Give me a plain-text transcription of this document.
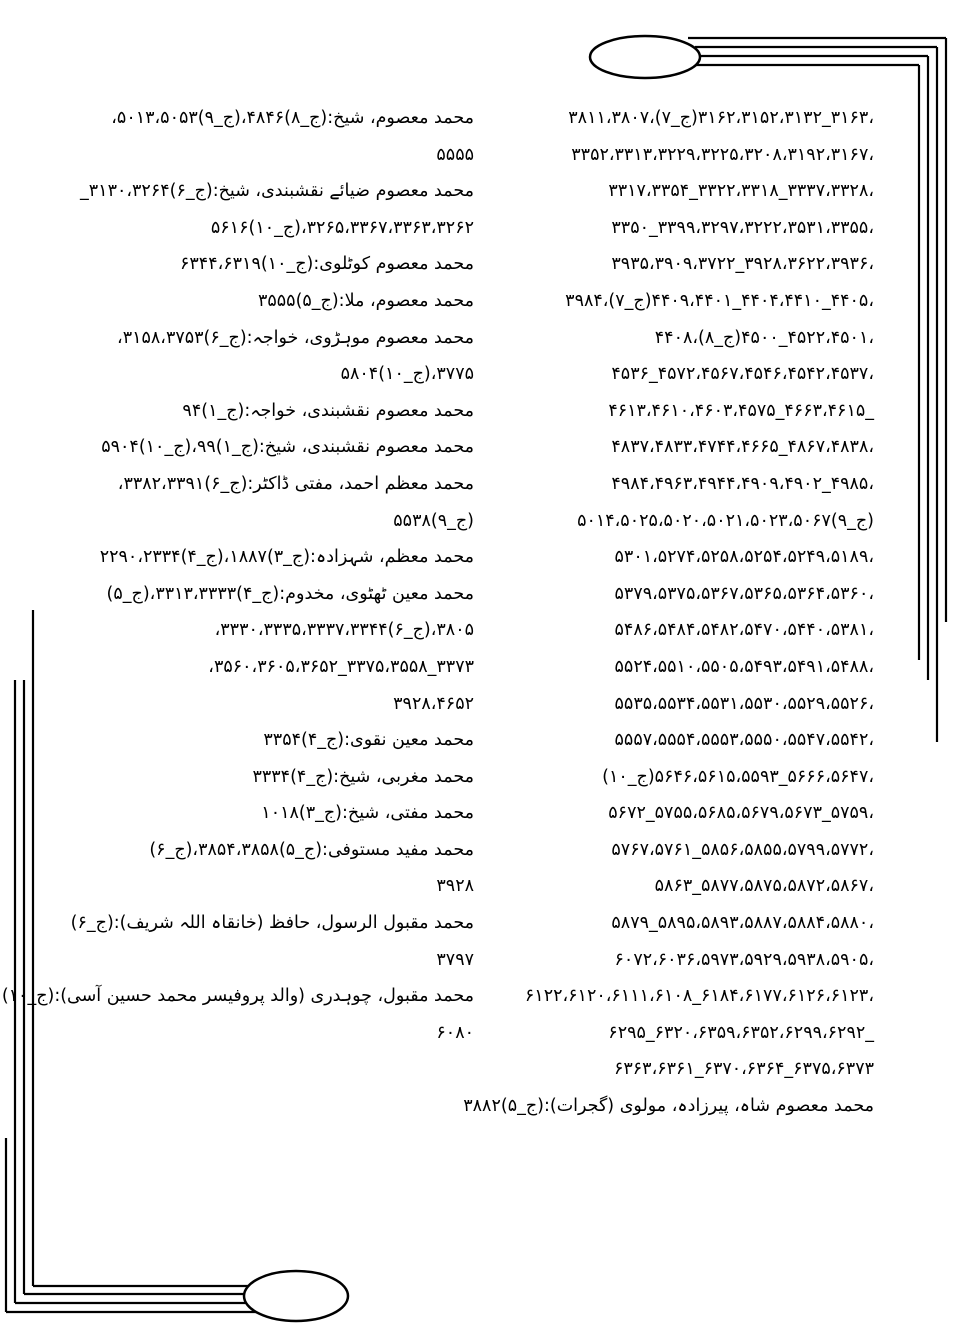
،۳۱۶۳_۳۱۶۲،۳۱۵۲،۳۱۳۲(ج_۷)،۳۸۱۱،۳۸۰۷
،۳۳۵۲،۳۳۱۳،۳۲۲۹،۳۲۲۵،۳۲۰۸،۳۱۹۲،۳۱۶۷
،۳۳۳۷،۳۳۲۸_۳۳۲۲،۳۳۱۸_۳۳۱۷،۳۳۵۴
،۳۳۹۹،۳۲۹۷،۳۲۲۲،۳۵۳۱،۳۳۵۵_۳۳۵۰
،۳۹۲۸،۳۶۲۲،۳۹۳۶_۳۹۳۵،۳۹۰۹،۳۷۲۲
،۴۴۰۵_۴۴۰۴،۴۴۱۰_۴۴۰۹،۴۴۰۱(ج_۷)،۳۹۸۴
،۴۵۲۲،۴۵۰۱_۴۵۰۰(ج_۸)،۴۴۰۸
،۴۵۷۲،۴۵۶۷،۴۵۴۶،۴۵۴۲،۴۵۳۷_۴۵۳۶
_۴۶۶۳،۴۶۱۵_۴۶۱۳،۴۶۱۰،۴۶۰۳،۴۵۷۵
،۴۸۶۷،۴۸۳۸_۴۸۳۷،۴۸۳۳،۴۷۴۴،۴۶۶۵
،۴۹۸۵_۴۹۸۴،۴۹۶۳،۴۹۴۴،۴۹۰۹،۴۹۰۲
(ج_۹)۵۰۱۴،۵۰۲۵،۵۰۲۰،۵۰۲۱،۵۰۲۳،۵۰۶۷
،۵۳۰۱،۵۲۷۴،۵۲۵۸،۵۲۵۴،۵۲۴۹،۵۱۸۹
،۵۳۷۹،۵۳۷۵،۵۳۶۷،۵۳۶۵،۵۳۶۴،۵۳۶۰
،۵۴۸۶،۵۴۸۴،۵۴۸۲،۵۴۷۰،۵۴۴۰،۵۳۸۱
،۵۵۲۴،۵۵۱۰،۵۵۰۵،۵۴۹۳،۵۴۹۱،۵۴۸۸
،۵۵۳۵،۵۵۳۴،۵۵۳۱،۵۵۳۰،۵۵۲۹،۵۵۲۶
،۵۵۵۷،۵۵۵۴،۵۵۵۳،۵۵۵۰،۵۵۴۷،۵۵۴۲
،۵۶۶۶،۵۶۴۷_۵۶۴۶،۵۶۱۵،۵۵۹۳(ج_۱۰)
،۵۷۵۹_۵۷۵۵،۵۶۸۵،۵۶۷۹،۵۶۷۳_۵۶۷۲
،۵۸۵۶،۵۸۵۵،۵۷۹۹،۵۷۷۲_۵۷۶۷،۵۷۶۱
،۵۸۷۷،۵۸۷۵،۵۸۷۲،۵۸۶۷_۵۸۶۳
،۵۸۹۵،۵۸۹۳،۵۸۸۷،۵۸۸۴،۵۸۸۰_۵۸۷۹
،۶۰۷۲،۶۰۳۶،۵۹۷۳،۵۹۲۹،۵۹۳۸،۵۹۰۵
،۶۱۸۴،۶۱۷۷،۶۱۲۶،۶۱۲۳_۶۱۲۲،۶۱۲۰،۶۱۱۱،۶۱۰۸
_۶۳۲۰،۶۳۵۹،۶۳۵۲،۶۲۹۹،۶۲۹۲_۶۲۹۵
۶۳۷۵،۶۳۷۳_۶۳۷۰،۶۳۶۴_۶۳۶۳،۶۳۶۱
محمد معصوم شاہ، پیرزادہ، مولوی (گجرات):(ج_۵)۳۸۸۲
محمد معصوم، شیخ:(ج_۸)۴۸۴۶،(ج_۹)۵۰۱۳،۵۰۵۳،
۵۵۵۵
محمد معصوم ضیائے نقشبندی، شیخ:(ج_۶)۳۱۳۰،۳۲۶۴_
۳۲۶۵،۳۳۶۷،۳۳۶۳،۳۲۶۲،(ج_۱۰)۵۶۱۶
محمد معصوم کوٹلوی:(ج_۱۰)۶۳۴۴،۶۳۱۹
محمد معصوم، ملا:(ج_۵)۳۵۵۵
محمد معصوم موہڑوی، خواجہ:(ج_۶)۳۱۵۸،۳۷۵۳،
۳۷۷۵،(ج_۱۰)۵۸۰۴
محمد معصوم نقشبندی، خواجہ:(ج_۱)۹۴
محمد معصوم نقشبندی، شیخ:(ج_۱)۹۹،(ج_۱۰)۵۹۰۴
محمد معظم احمد، مفتی ڈاکٹر:(ج_۶)۳۳۸۲،۳۳۹۱،
(ج_۹)۵۵۳۸
محمد معظم، شہزادہ:(ج_۳)۱۸۸۷،(ج_۴)۲۲۹۰،۲۳۳۴
محمد معین ٹھٹوی، مخدوم:(ج_۴)۳۳۱۳،۳۳۳۳،(ج_۵)
۳۸۰۵،(ج_۶)۳۳۳۰،۳۳۳۵،۳۳۳۷،۳۳۴۴،
۳۳۷۳_۳۳۷۵،۳۵۵۸_۳۵۶۰،۳۶۰۵،۳۶۵۲،
۳۹۲۸،۴۶۵۲
محمد معین نقوی:(ج_۴)۳۳۵۴
محمد مغربی، شیخ:(ج_۴)۳۳۳۴
محمد مفتی، شیخ:(ج_۳)۱۰۱۸
محمد مفید مستوفی:(ج_۵)۳۸۵۴،۳۸۵۸،(ج_۶)
۳۹۲۸
محمد مقبول الرسول، حافظ (خانقاہ اللہ شریف):(ج_۶)
۳۷۹۷
محمد مقبول، چوہدری (والد پروفیسر محمد حسین آسی):(ج_۱۰)
۶۰۸۰
